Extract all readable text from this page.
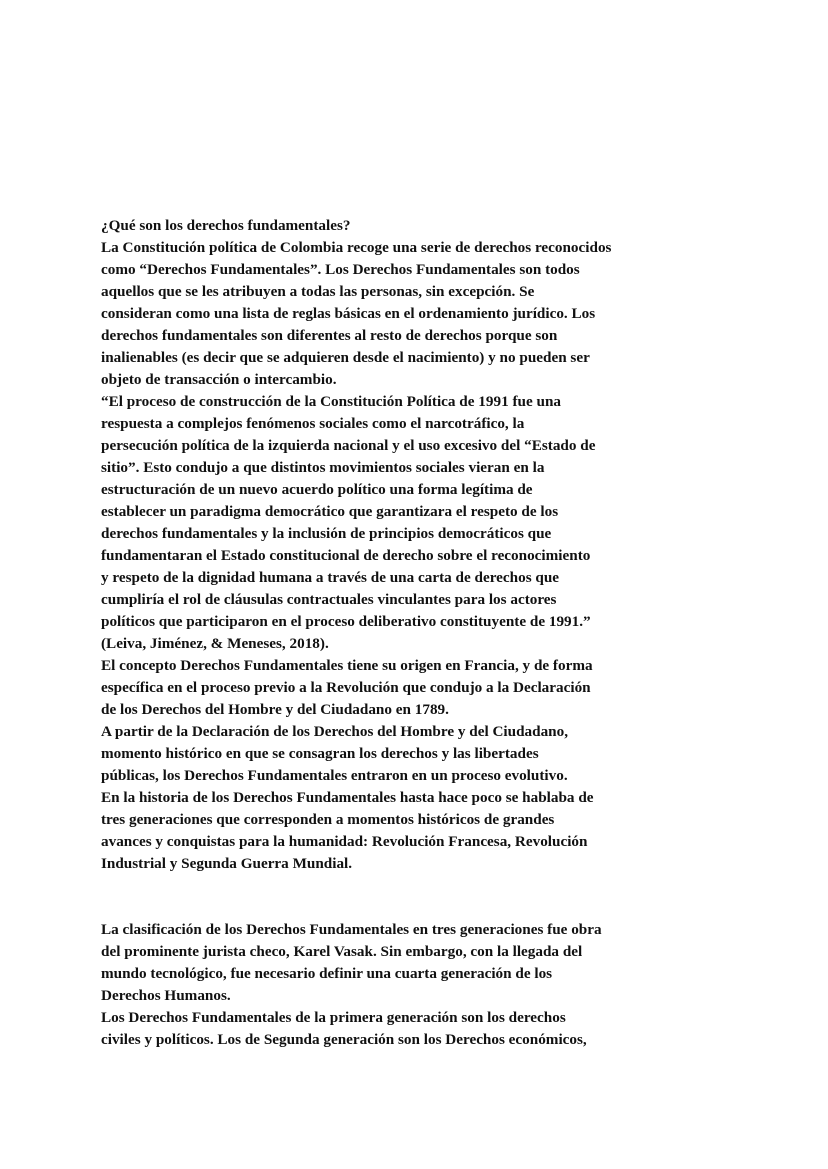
¿Qué son los derechos fundamentales?
La Constitución política de Colombia recoge una serie de derechos reconocidos
como “Derechos Fundamentales”. Los Derechos Fundamentales son todos
aquellos que se les atribuyen a todas las personas, sin excepción. Se
consideran como una lista de reglas básicas en el ordenamiento jurídico. Los
derechos fundamentales son diferentes al resto de derechos porque son
inalienables (es decir que se adquieren desde el nacimiento) y no pueden ser
objeto de transacción o intercambio.
“El proceso de construcción de la Constitución Política de 1991 fue una
respuesta a complejos fenómenos sociales como el narcotráfico, la
persecución política de la izquierda nacional y el uso excesivo del “Estado de
sitio”. Esto condujo a que distintos movimientos sociales vieran en la
estructuración de un nuevo acuerdo político una forma legítima de
establecer un paradigma democrático que garantizara el respeto de los
derechos fundamentales y la inclusión de principios democráticos que
fundamentaran el Estado constitucional de derecho sobre el reconocimiento
y respeto de la dignidad humana a través de una carta de derechos que
cumpliría el rol de cláusulas contractuales vinculantes para los actores
políticos que participaron en el proceso deliberativo constituyente de 1991.”
(Leiva, Jiménez, & Meneses, 2018).
El concepto Derechos Fundamentales tiene su origen en Francia, y de forma
específica en el proceso previo a la Revolución que condujo a la Declaración
de los Derechos del Hombre y del Ciudadano en 1789.
A partir de la Declaración de los Derechos del Hombre y del Ciudadano,
momento histórico en que se consagran los derechos y las libertades
públicas, los Derechos Fundamentales entraron en un proceso evolutivo.
En la historia de los Derechos Fundamentales hasta hace poco se hablaba de
tres generaciones que corresponden a momentos históricos de grandes
avances y conquistas para la humanidad: Revolución Francesa, Revolución
Industrial y Segunda Guerra Mundial.
La clasificación de los Derechos Fundamentales en tres generaciones fue obra
del prominente jurista checo, Karel Vasak. Sin embargo, con la llegada del
mundo tecnológico, fue necesario definir una cuarta generación de los
Derechos Humanos.
Los Derechos Fundamentales de la primera generación son los derechos
civiles y políticos. Los de Segunda generación son los Derechos económicos,
